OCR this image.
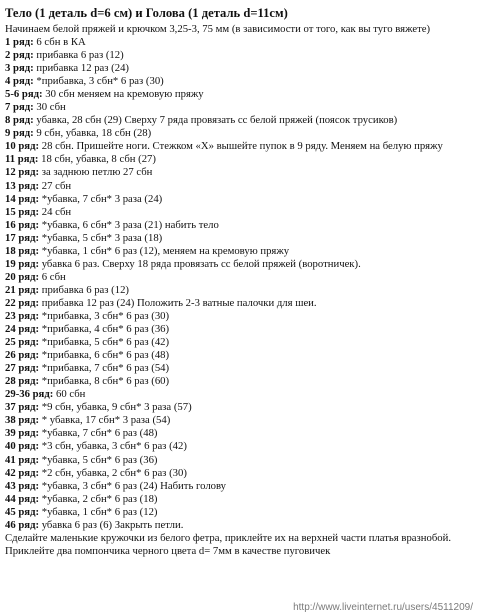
Тело (1 деталь d=6 см) и Голова (1 деталь d=11см)

Начинаем белой пряжей и крючком 3,25-3, 75 мм (в зависимости от того, как вы туго вяжете)

1 ряд: 6 сбн в КА

2 ряд: прибавка 6 раз (12)

3 ряд: прибавка 12 раз (24)

4 ряд: *прибавка, 3 сбн* 6 раз (30)

5-6 ряд: 30 сбн меняем на кремовую пряжу

7 ряд: 30 сбн

8 ряд: убавка, 28 сбн (29) Сверху 7 ряда провязать сс белой пряжей (поясок трусиков)

9 ряд: 9 сбн, убавка, 18 сбн (28)

10 ряд: 28 сбн. Пришейте ноги. Стежком «Х» вышейте пупок в 9 ряду. Меняем на белую пряжу

11 ряд: 18 сбн, убавка, 8 сбн (27)

12 ряд: за заднюю петлю 27 сбн

13 ряд: 27 сбн

14 ряд: *убавка, 7 сбн* 3 раза (24)

15 ряд: 24 сбн

16 ряд: *убавка, 6 сбн* 3 раза (21) набить тело

17 ряд: *убавка, 5 сбн* 3 раза (18)

18 ряд: *убавка, 1 сбн* 6 раз (12), меняем на кремовую пряжу

19 ряд: убавка 6 раз. Сверху 18 ряда провязать сс белой пряжей (воротничек).

20 ряд: 6 сбн

21 ряд: прибавка 6 раз (12)

22 ряд: прибавка 12 раз (24) Положить 2-3 ватные палочки для шеи.

23 ряд: *прибавка, 3 сбн* 6 раз (30)

24 ряд: *прибавка, 4 сбн* 6 раз (36)

25 ряд: *прибавка, 5 сбн* 6 раз (42)

26 ряд: *прибавка, 6 сбн* 6 раз (48)

27 ряд: *прибавка, 7 сбн* 6 раз (54)

28 ряд: *прибавка, 8 сбн* 6 раз (60)

29-36 ряд: 60 сбн

37 ряд: *9 сбн, убавка, 9 сбн* 3 раза (57)

38 ряд: * убавка, 17 сбн* 3 раза (54)

39 ряд: *убавка, 7 сбн* 6 раз (48)

40 ряд: *3 сбн, убавка, 3 сбн* 6 раз (42)

41 ряд: *убавка, 5 сбн* 6 раз (36)

42 ряд: *2 сбн, убавка, 2 сбн* 6 раз (30)

43 ряд: *убавка, 3 сбн* 6 раз (24) Набить голову

44 ряд: *убавка, 2 сбн* 6 раз (18)

45 ряд: *убавка, 1 сбн* 6 раз (12)

46 ряд: убавка 6 раз (6) Закрыть петли.

Сделайте маленькие кружочки из белого фетра, приклейте их на верхней части платья вразнобой. Приклейте два помпончика черного цвета d= 7мм в качестве пуговичек

http://www.liveinternet.ru/users/4511209/
